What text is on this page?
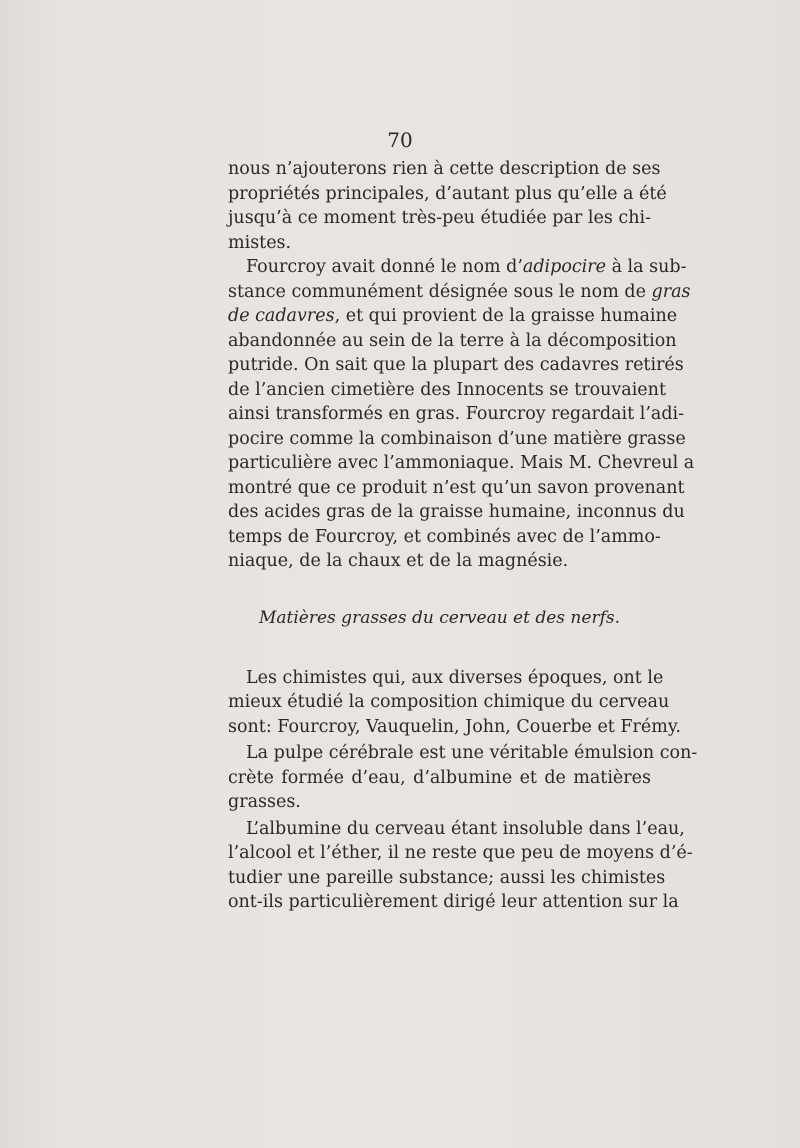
70
nous n’ajouterons rien à cette description de ses
propriétés principales, d’autant plus qu’elle a été
jusqu’à ce moment très-peu étudiée par les chi-
mistes.
Fourcroy avait donné le nom d’adipocire à la sub-
stance communément désignée sous le nom de gras
de cadavres, et qui provient de la graisse humaine
abandonnée au sein de la terre à la décomposition
putride. On sait que la plupart des cadavres retirés
de l’ancien cimetière des Innocents se trouvaient
ainsi transformés en gras. Fourcroy regardait l’adi-
pocire comme la combinaison d’une matière grasse
particulière avec l’ammoniaque. Mais M. Chevreul a
montré que ce produit n’est qu’un savon provenant
des acides gras de la graisse humaine, inconnus du
temps de Fourcroy, et combinés avec de l’ammo-
niaque, de la chaux et de la magnésie.
Matières grasses du cerveau et des nerfs.
Les chimistes qui, aux diverses époques, ont le
mieux étudié la composition chimique du cerveau
sont: Fourcroy, Vauquelin, John, Couerbe et Frémy.
La pulpe cérébrale est une véritable émulsion con-
crète formée d’eau, d’albumine et de matières
grasses.
L’albumine du cerveau étant insoluble dans l’eau,
l’alcool et l’éther, il ne reste que peu de moyens d’é-
tudier une pareille substance; aussi les chimistes
ont-ils particulièrement dirigé leur attention sur la
